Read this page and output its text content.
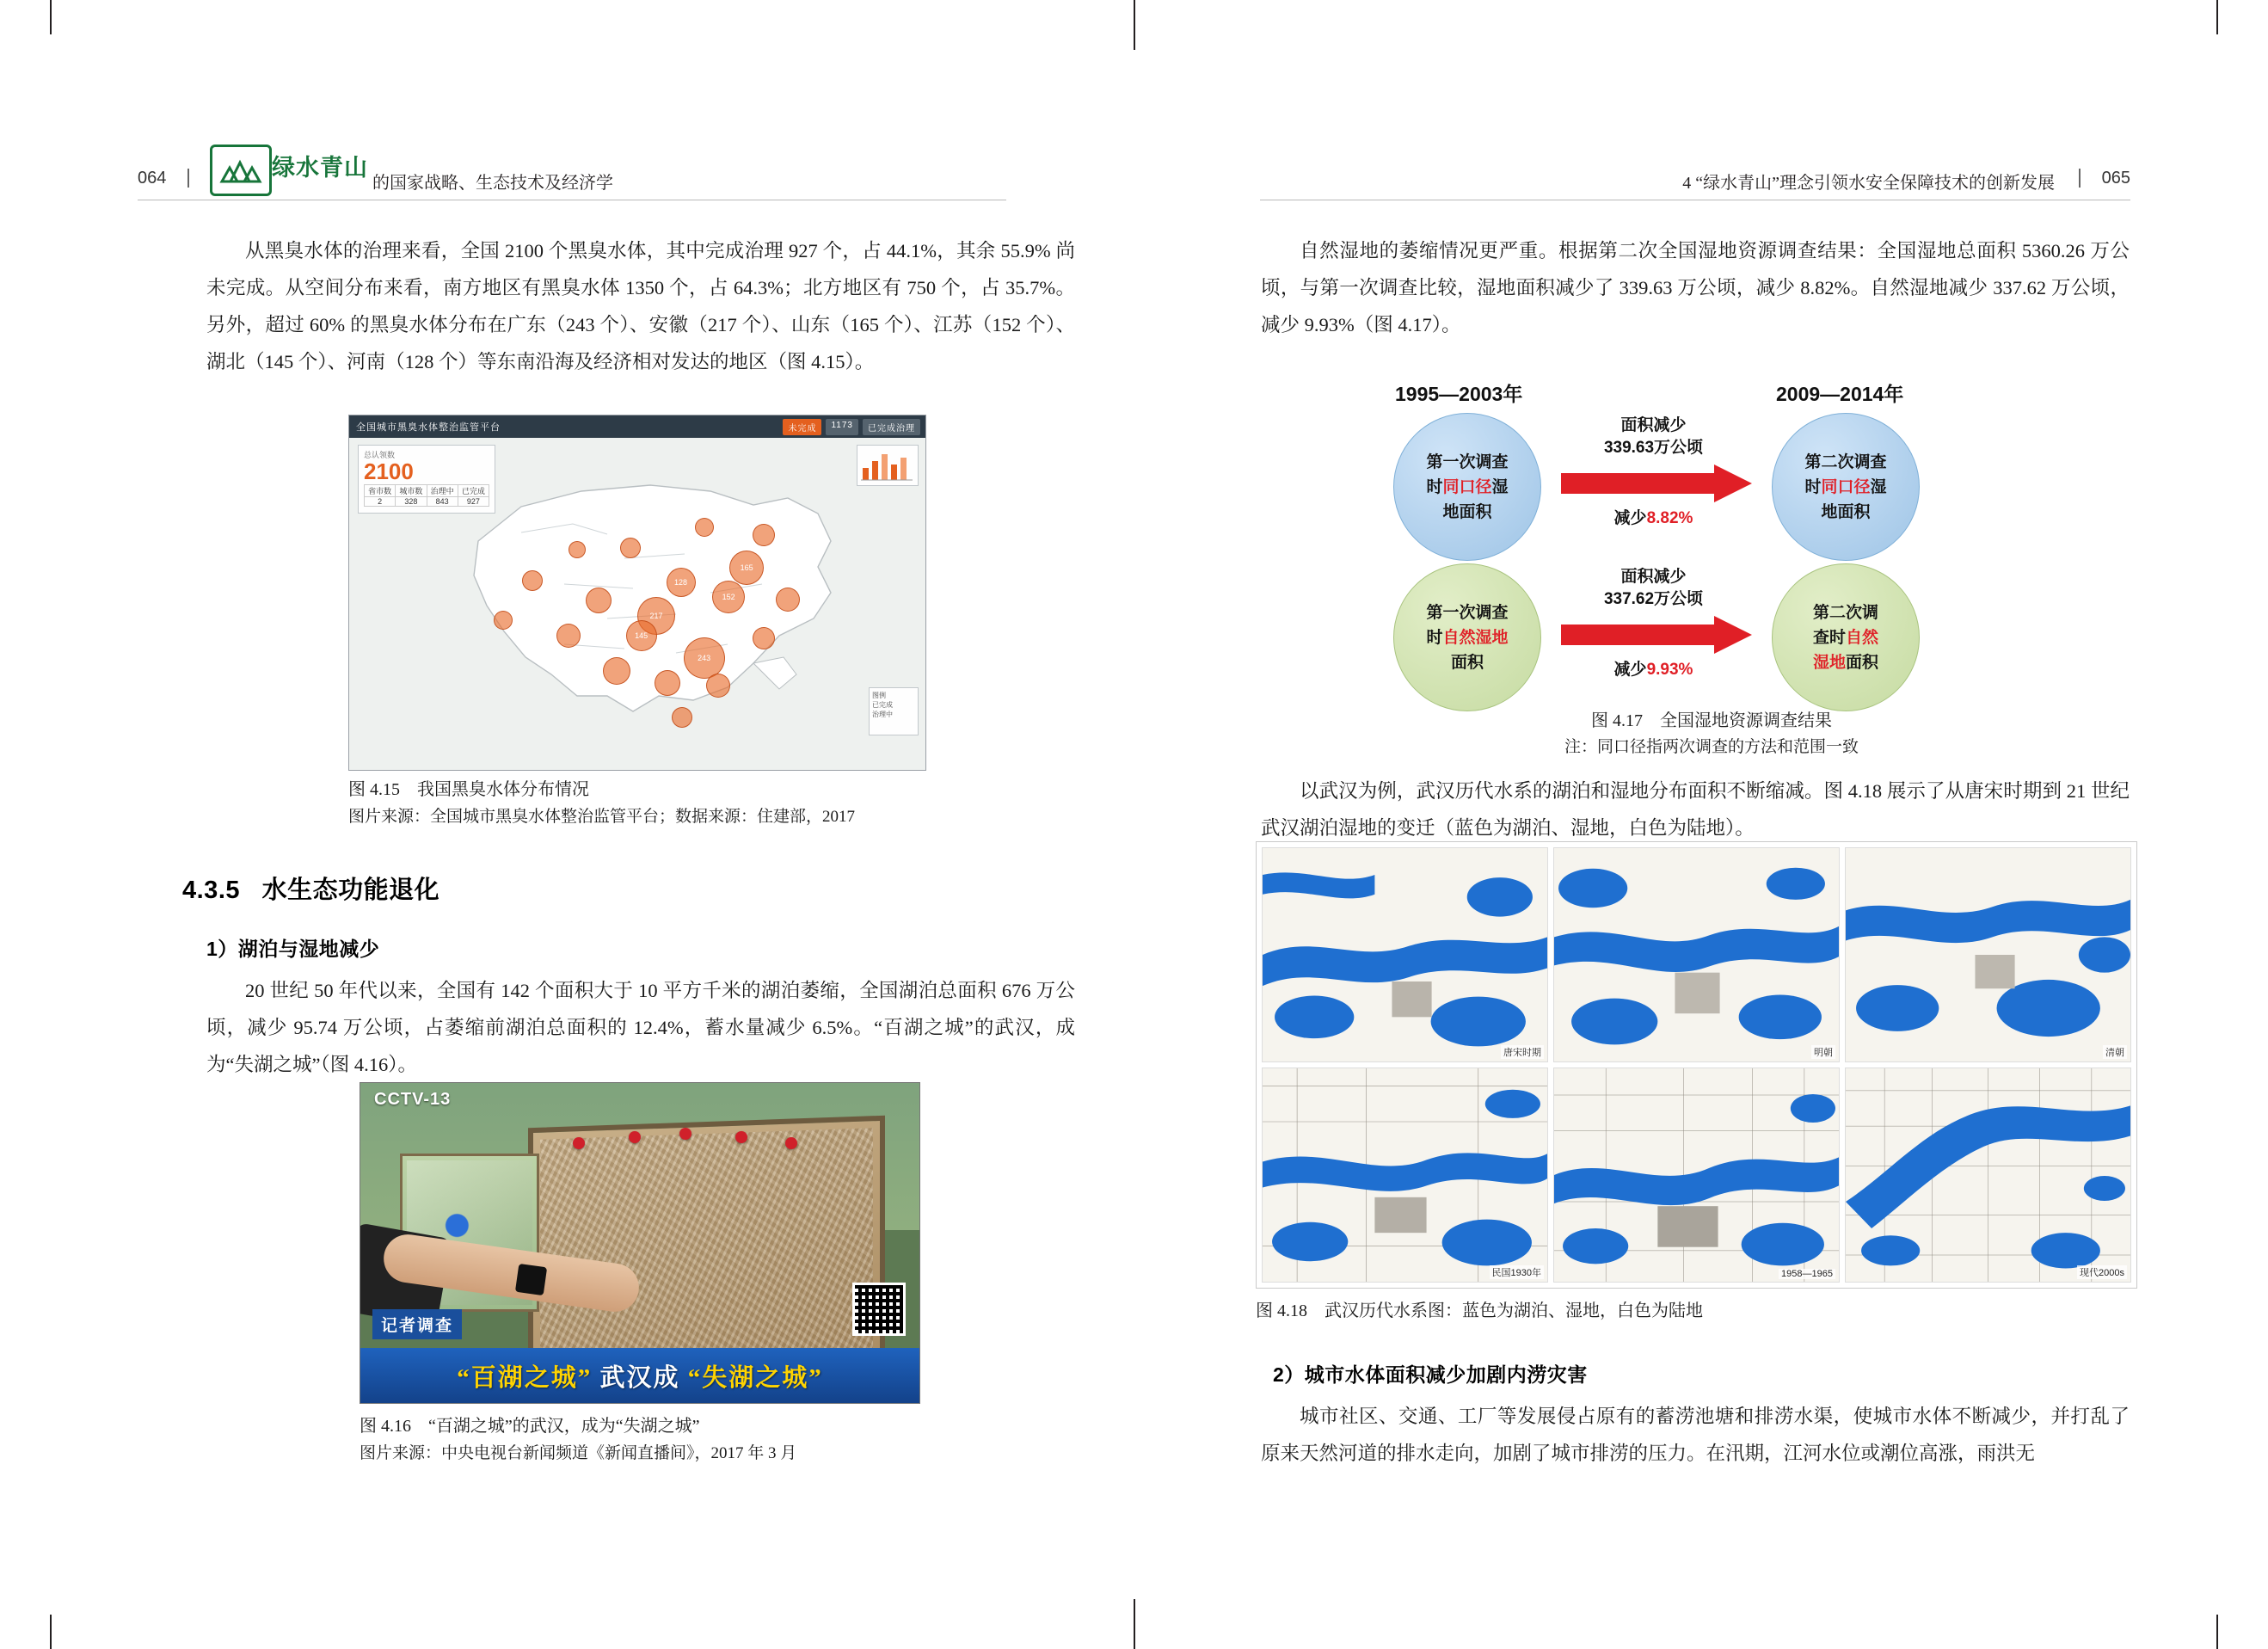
064	绿水青山
的国家战略、生态技术及经济学	4 “绿水青山”理念引领水安全保障技术的创新发展	065

从黑臭水体的治理来看，全国 2100 个黑臭水体，其中完成治理 927 个，占 44.1%，其余 55.9% 尚未完成。从空间分布来看，南方地区有黑臭水体 1350 个，占 64.3%；北方地区有 750 个，占 35.7%。另外，超过 60% 的黑臭水体分布在广东（243 个）、安徽（217 个）、山东（165 个）、江苏（152 个）、湖北（145 个）、河南（128 个）等东南沿海及经济相对发达的地区（图 4.15）。

全国城市黑臭水体整治监管平台	未完成	1173	已完成治理
243
217
165
152
145
128
总认领数
2100
省市数	城市数	治理中	已完成
2	328	843	927
图例
已完成
治理中
图 4.15　我国黑臭水体分布情况
图片来源：全国城市黑臭水体整治监管平台；数据来源：住建部，2017
4.3.5 水生态功能退化
1）湖泊与湿地减少

20 世纪 50 年代以来，全国有 142 个面积大于 10 平方千米的湖泊萎缩，全国湖泊总面积 676 万公顷，减少 95.74 万公顷，占萎缩前湖泊总面积的 12.4%，蓄水量减少 6.5%。“百湖之城”的武汉，成为“失湖之城”（图 4.16）。

CCTV-13
记者调查
“百湖之城” 武汉成 “失湖之城”
图 4.16　“百湖之城”的武汉，成为“失湖之城”
图片来源：中央电视台新闻频道《新闻直播间》，2017 年 3 月

自然湿地的萎缩情况更严重。根据第二次全国湿地资源调查结果：全国湿地总面积 5360.26 万公顷，与第一次调查比较，湿地面积减少了 339.63 万公顷，减少 8.82%。自然湿地减少 337.62 万公顷，减少 9.93%（图 4.17）。

1995—2003年	2009—2014年
第一次调查
时同口径湿
地面积
面积减少
339.63万公顷
减少8.82%
第二次调查
时同口径湿
地面积
第一次调查
时自然湿地
面积
面积减少
337.62万公顷
减少9.93%
第二次调
查时自然
湿地面积
图 4.17　全国湿地资源调查结果
注：同口径指两次调查的方法和范围一致

以武汉为例，武汉历代水系的湖泊和湿地分布面积不断缩减。图 4.18 展示了从唐宋时期到 21 世纪武汉湖泊湿地的变迁（蓝色为湖泊、湿地，白色为陆地）。

唐宋时期	明朝	清朝
民国1930年	1958—1965	现代2000s
图 4.18　武汉历代水系图：蓝色为湖泊、湿地，白色为陆地
2）城市水体面积减少加剧内涝灾害

城市社区、交通、工厂等发展侵占原有的蓄涝池塘和排涝水渠，使城市水体不断减少，并打乱了原来天然河道的排水走向，加剧了城市排涝的压力。在汛期，江河水位或潮位高涨，雨洪无
